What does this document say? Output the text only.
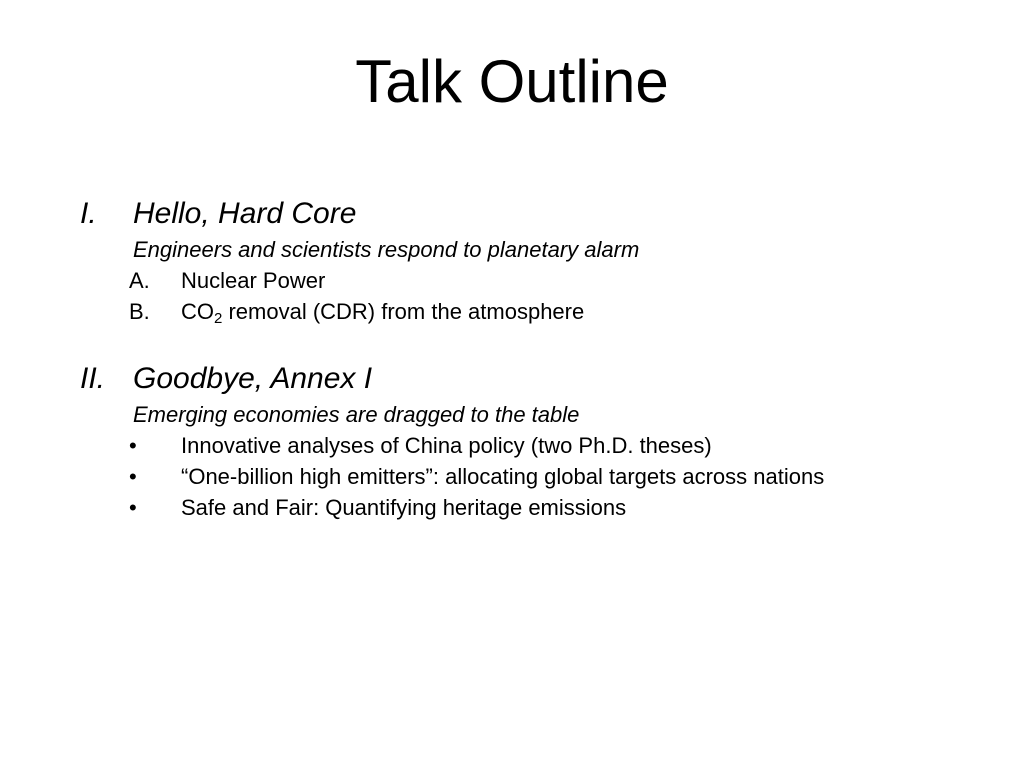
Talk Outline
I. Hello, Hard Core
Engineers and scientists respond to planetary alarm
A. Nuclear Power
B. $CO_2$ removal (CDR) from the atmosphere
II. Goodbye, Annex I
Emerging economies are dragged to the table
• Innovative analyses of China policy (two Ph.D. theses)
• “One-billion high emitters”: allocating global targets across nations
• Safe and Fair: Quantifying heritage emissions
